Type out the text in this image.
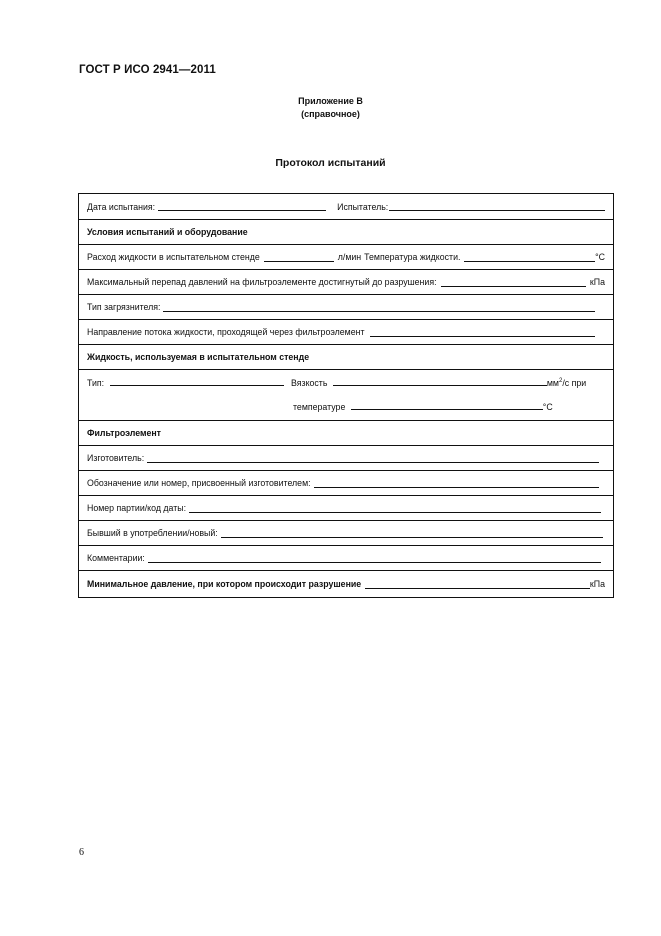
ГОСТ Р ИСО 2941—2011
Приложение В
(справочное)
Протокол испытаний
Дата испытания:	Испытатель:
Условия испытаний и оборудование
Расход жидкости в испытательном стенде	л/мин Температура жидкости.	°С
Максимальный перепад давлений на фильтроэлементе достигнутый до разрушения:	кПа
Тип загрязнителя:
Направление потока жидкости, проходящей через фильтроэлемент
Жидкость, используемая в испытательном стенде
Тип:	Вязкость	$мм^2/с$ при
температуре	°С
Фильтроэлемент
Изготовитель:
Обозначение или номер, присвоенный изготовителем:
Номер партии/код даты:
Бывший в употреблении/новый:
Комментарии:
Минимальное давление, при котором происходит разрушение	кПа
6
